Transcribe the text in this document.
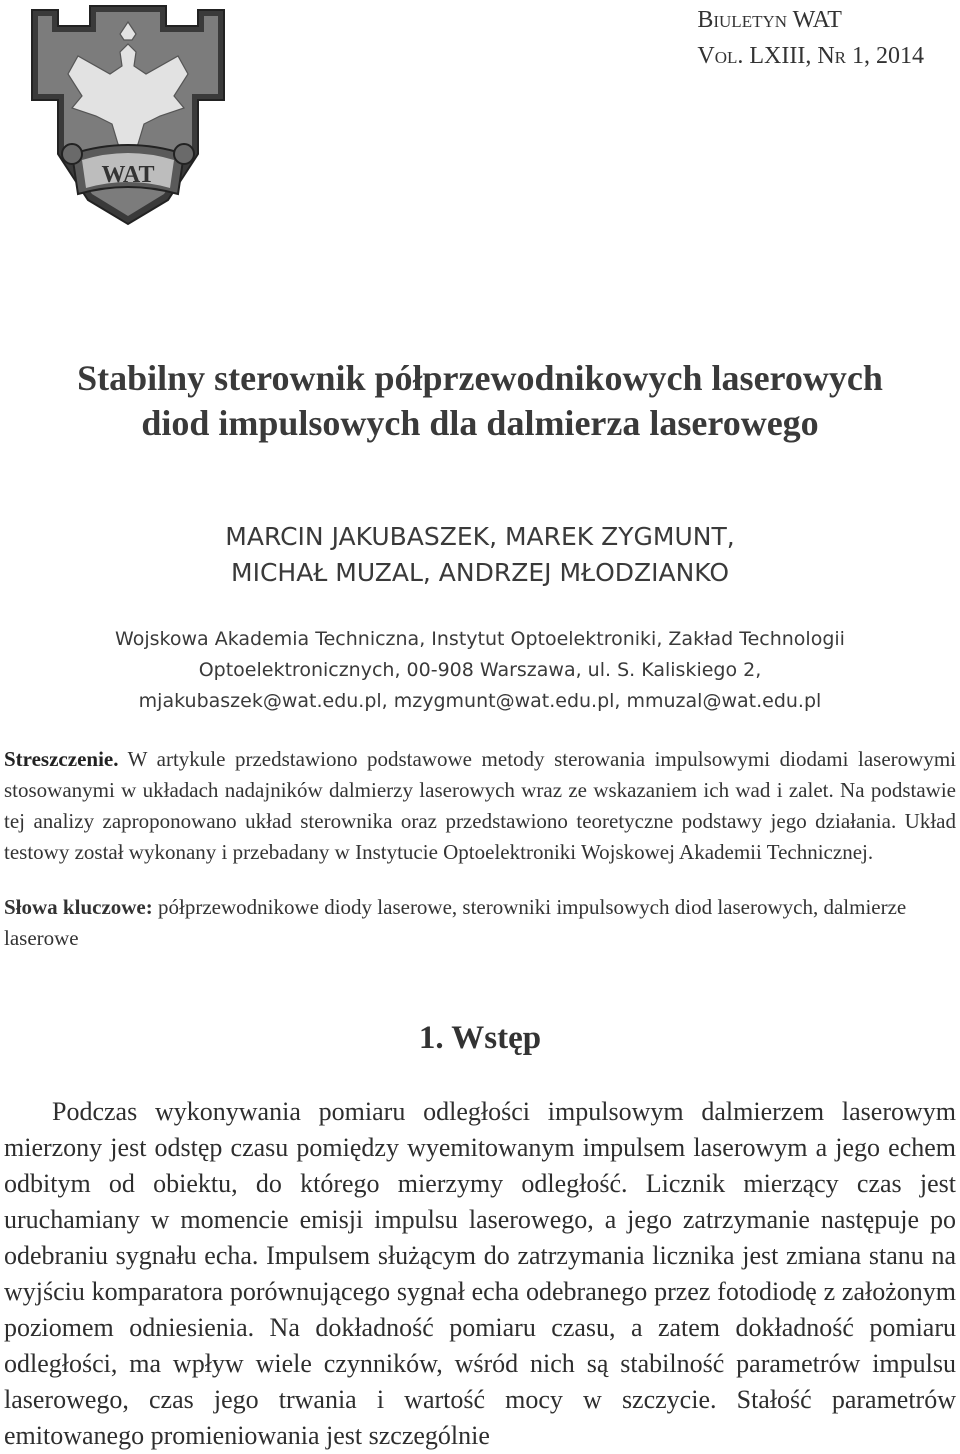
Biuletyn WAT
Vol. LXIII, Nr 1, 2014
WAT
Stabilny sterownik półprzewodnikowych laserowych
diod impulsowych dla dalmierza laserowego
MARCIN JAKUBASZEK, MAREK ZYGMUNT,
MICHAŁ MUZAL, ANDRZEJ MŁODZIANKO
Wojskowa Akademia Techniczna, Instytut Optoelektroniki, Zakład Technologii
Optoelektronicznych, 00-908 Warszawa, ul. S. Kaliskiego 2,
mjakubaszek@wat.edu.pl, mzygmunt@wat.edu.pl, mmuzal@wat.edu.pl
Streszczenie. W artykule przedstawiono podstawowe metody sterowania impulsowymi diodami laserowymi stosowanymi w układach nadajników dalmierzy laserowych wraz ze wskazaniem ich wad i zalet. Na podstawie tej analizy zaproponowano układ sterownika oraz przedstawiono teoretyczne podstawy jego działania. Układ testowy został wykonany i przebadany w Instytucie Optoelektroniki Wojskowej Akademii Technicznej.
Słowa kluczowe: półprzewodnikowe diody laserowe, sterowniki impulsowych diod laserowych, dalmierze laserowe
1. Wstęp
Podczas wykonywania pomiaru odległości impulsowym dalmierzem laserowym mierzony jest odstęp czasu pomiędzy wyemitowanym impulsem laserowym a jego echem odbitym od obiektu, do którego mierzymy odległość. Licznik mierzący czas jest uruchamiany w momencie emisji impulsu laserowego, a jego zatrzymanie następuje po odebraniu sygnału echa. Impulsem służącym do zatrzymania licznika jest zmiana stanu na wyjściu komparatora porównującego sygnał echa odebranego przez fotodiodę z założonym poziomem odniesienia. Na dokładność pomiaru czasu, a zatem dokładność pomiaru odległości, ma wpływ wiele czynników, wśród nich są stabilność parametrów impulsu laserowego, czas jego trwania i wartość mocy w szczycie. Stałość parametrów emitowanego promieniowania jest szczególnie
